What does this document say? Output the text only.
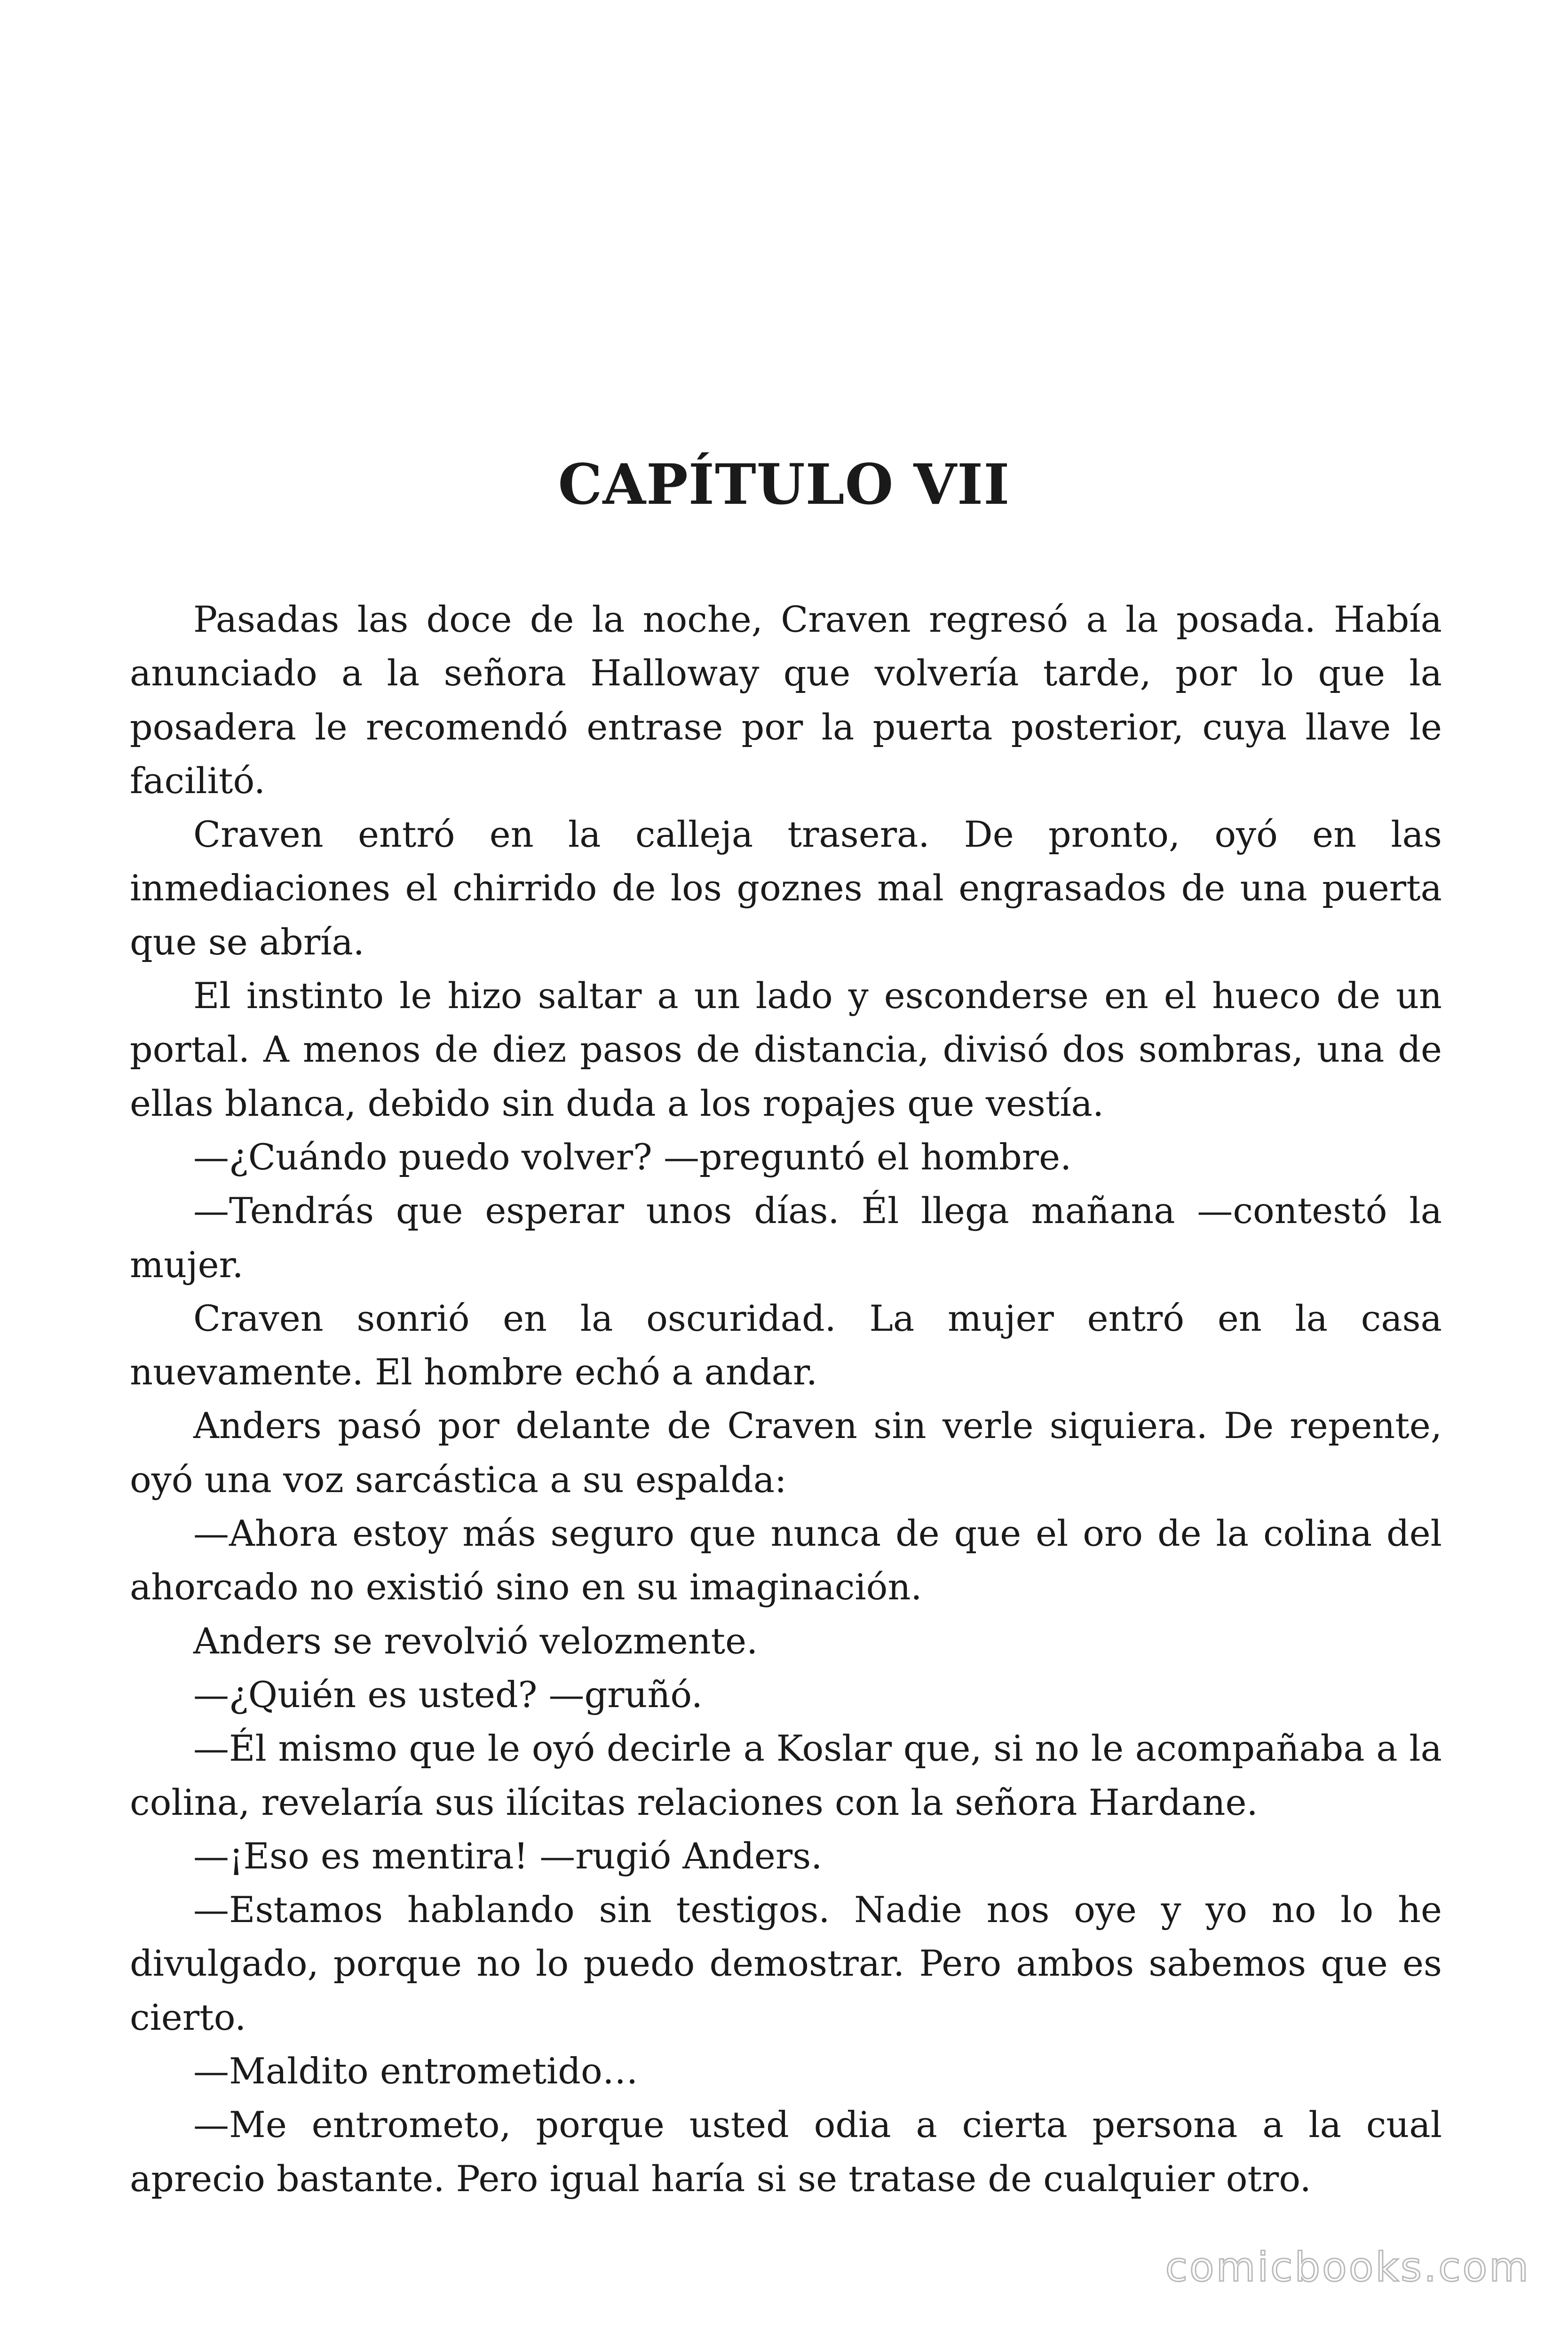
CAPÍTULO VII

Pasadas las doce de la noche, Craven regresó a la posada. Había anunciado a la señora Halloway que volvería tarde, por lo que la posadera le recomendó entrase por la puerta posterior, cuya llave le facilitó.

Craven entró en la calleja trasera. De pronto, oyó en las inmediaciones el chirrido de los goznes mal engrasados de una puerta que se abría.

El instinto le hizo saltar a un lado y esconderse en el hueco de un portal. A menos de diez pasos de distancia, divisó dos sombras, una de ellas blanca, debido sin duda a los ropajes que vestía.

—¿Cuándo puedo volver? —preguntó el hombre.

—Tendrás que esperar unos días. Él llega mañana —contestó la mujer.

Craven sonrió en la oscuridad. La mujer entró en la casa nuevamente. El hombre echó a andar.

Anders pasó por delante de Craven sin verle siquiera. De repente, oyó una voz sarcástica a su espalda:

—Ahora estoy más seguro que nunca de que el oro de la colina del ahorcado no existió sino en su imaginación.

Anders se revolvió velozmente.

—¿Quién es usted? —gruñó.

—Él mismo que le oyó decirle a Koslar que, si no le acompañaba a la colina, revelaría sus ilícitas relaciones con la señora Hardane.

—¡Eso es mentira! —rugió Anders.

—Estamos hablando sin testigos. Nadie nos oye y yo no lo he divulgado, porque no lo puedo demostrar. Pero ambos sabemos que es cierto.

—Maldito entrometido…

—Me entrometo, porque usted odia a cierta persona a la cual aprecio bastante. Pero igual haría si se tratase de cualquier otro.

comicbooks.com
